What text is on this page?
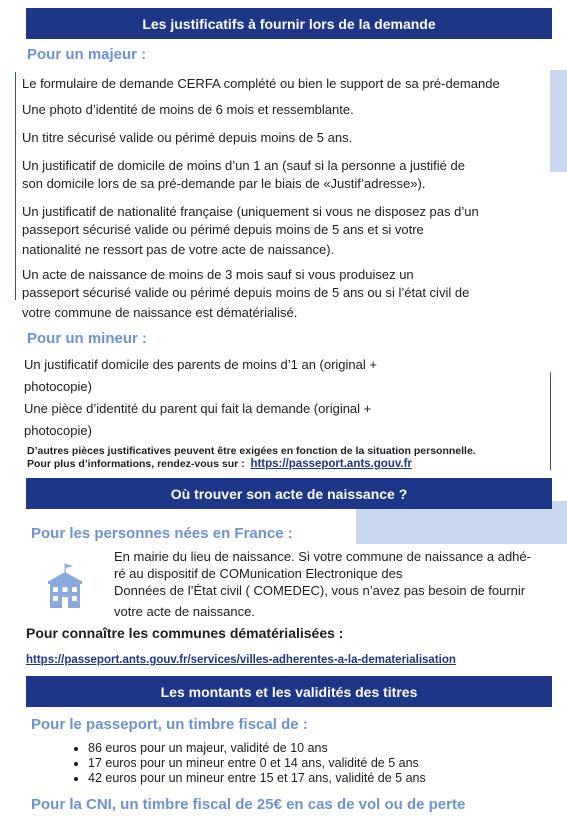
Les justificatifs à fournir lors de la demande
Pour un majeur :
Le formulaire de demande CERFA complété ou bien le support de sa pré-demande
Une photo d’identité de moins de 6 mois et ressemblante.
Un titre sécurisé valide ou périmé depuis moins de 5 ans.
Un justificatif de domicile de moins d’un 1 an (sauf si la personne a justifié de
son domicile lors de sa pré-demande par le biais de «Justif’adresse»).
Un justificatif de nationalité française (uniquement si vous ne disposez pas d’un
passeport sécurisé valide ou périmé depuis moins de 5 ans et si votre
nationalité ne ressort pas de votre acte de naissance).
Un acte de naissance de moins de 3 mois sauf si vous produisez un
passeport sécurisé valide ou périmé depuis moins de 5 ans ou si l’état civil de
votre commune de naissance est dématérialisé.
Pour un mineur :
Un justificatif domicile des parents de moins d’1 an (original +
photocopie)
Une pièce d’identité du parent qui fait la demande (original +
photocopie)
D’autres pièces justificatives peuvent être exigées en fonction de la situation personnelle.
Pour plus d’informations, rendez-vous sur : https://passeport.ants.gouv.fr
Où trouver son acte de naissance ?
Pour les personnes nées en France :
En mairie du lieu de naissance. Si votre commune de naissance a adhé-
ré au dispositif de COMunication Electronique des
Données de l’État civil ( COMEDEC), vous n’avez pas besoin de fournir
votre acte de naissance.
Pour connaître les communes dématérialisées :
https://passeport.ants.gouv.fr/services/villes-adherentes-a-la-dematerialisation
Les montants et les validités des titres
Pour le passeport, un timbre fiscal de :
• 86 euros pour un majeur, validité de 10 ans
• 17 euros pour un mineur entre 0 et 14 ans, validité de 5 ans
• 42 euros pour un mineur entre 15 et 17 ans, validité de 5 ans
Pour la CNI, un timbre fiscal de 25€ en cas de vol ou de perte
